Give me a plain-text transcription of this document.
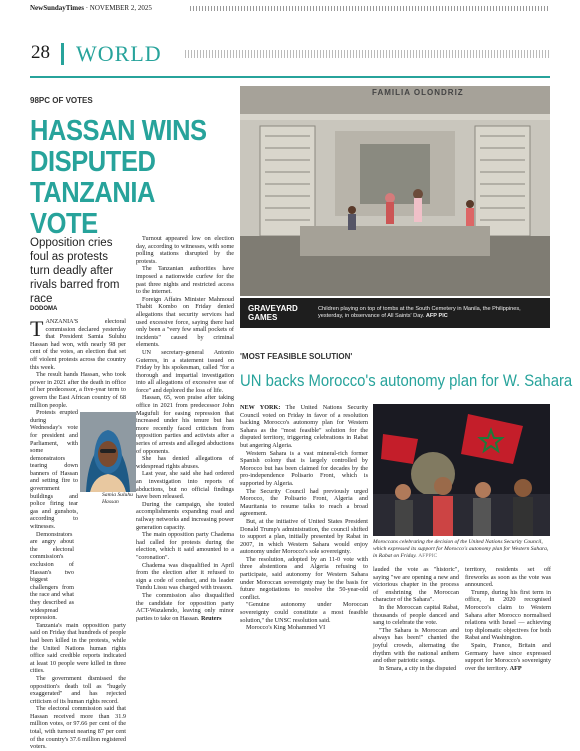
NewSundayTimes · NOVEMBER 2, 2025
28 WORLD
98PC OF VOTES
HASSAN WINS DISPUTED TANZANIA VOTE
Opposition cries foul as protests turn deadly after rivals barred from race
DODOMA

TANZANIA'S electoral commission declared yesterday that President Samia Suluhu Hassan had won, with nearly 98 per cent of the votes, an election that set off violent protests across the country this week.

The result hands Hassan, who took power in 2021 after the death in office of her predecessor, a five-year term to govern the East African country of 68 million people.

Protests erupted during Wednesday's vote for president and Parliament, with some demonstrators tearing down banners of Hassan and setting fire to government buildings and police firing tear gas and gunshots, according to witnesses.

Demonstrators are angry about the electoral commission's exclusion of Hassan's two biggest challengers from the race and what they described as widespread repression.

Tanzania's main opposition party said on Friday that hundreds of people had been killed in the protests, while the United Nations human rights office said credible reports indicated at least 10 people were killed in three cities.

The government dismissed the opposition's death toll as "hugely exaggerated" and has rejected criticism of its human rights record.

The electoral commission said that Hassan received more than 31.9 million votes, or 97.66 per cent of the total, with turnout nearing 87 per cent of the country's 37.6 million registered voters.

Samia Suluhu Hassan

Turnout appeared low on election day, according to witnesses, with some polling stations disrupted by the protests.

The Tanzanian authorities have imposed a nationwide curfew for the past three nights and restricted access to the internet.

Foreign Affairs Minister Mahmoud Thabit Kombo on Friday denied allegations that security services had used excessive force, saying there had only been a "very few small pockets of incidents" caused by criminal elements.

UN secretary-general Antonio Guterres, in a statement issued on Friday by his spokesman, called "for a thorough and impartial investigation into all allegations of excessive use of force" and deplored the loss of life.

Hassan, 65, won praise after taking office in 2021 from predecessor John Magufuli for easing repression that increased under his tenure but has more recently faced criticism from opposition parties and activists after a series of arrests and alleged abductions of opponents.

She has denied allegations of widespread rights abuses.

Last year, she said she had ordered an investigation into reports of abductions, but no official findings have been released.

During the campaign, she touted accomplishments expanding road and railway networks and increasing power generation capacity.

The main opposition party Chadema had called for protests during the election, which it said amounted to a "coronation".

Chadema was disqualified in April from the election after it refused to sign a code of conduct, and its leader Tundu Lissu was charged with treason.

The commission also disqualified the candidate for opposition party ACT-Wazalendo, leaving only minor parties to take on Hassan. Reuters

FAMILIA OLONDRIZ
GRAVEYARD GAMES
Children playing on top of tombs at the South Cemetery in Manila, the Philippines, yesterday, in observance of All Saints' Day. AFP PIC
'MOST FEASIBLE SOLUTION'
UN backs Morocco's autonomy plan for W. Sahara

NEW YORK: The United Nations Security Council voted on Friday in favor of a resolution backing Morocco's autonomy plan for Western Sahara as the "most feasible" solution for the disputed territory, triggering celebrations in Rabat but angering Algeria.

Western Sahara is a vast mineral-rich former Spanish colony that is largely controlled by Morocco but has been claimed for decades by the pro-independence Polisario Front, which is supported by Algeria.

The Security Council had previously urged Morocco, the Polisario Front, Algeria and Mauritania to resume talks to reach a broad agreement.

But, at the initiative of United States President Donald Trump's administration, the council shifted to support a plan, initially presented by Rabat in 2007, in which Western Sahara would enjoy autonomy under Morocco's sole sovereignty.

The resolution, adopted by an 11-0 vote with three abstentions and Algeria refusing to participate, said autonomy for Western Sahara under Moroccan sovereignty may be the basis for future negotiations to resolve the 50-year-old conflict.

"Genuine autonomy under Moroccan sovereignty could constitute a most feasible solution," the UNSC resolution said.

Morocco's King Mohammed VI

Moroccans celebrating the decision of the United Nations Security Council, which expressed its support for Morocco's autonomy plan for Western Sahara, in Rabat on Friday. AFPPIC

lauded the vote as "historic", saying "we are opening a new and victorious chapter in the process of enshrining the Moroccan character of the Sahara".

In the Moroccan capital Rabat, thousands of people danced and sang to celebrate the vote.

"The Sahara is Moroccan and always has been!" chanted the joyful crowds, alternating the rhythm with the national anthem and other patriotic songs.

In Smara, a city in the disputed

territory, residents set off fireworks as soon as the vote was announced.

Trump, during his first term in office, in 2020 recognised Morocco's claim to Western Sahara after Morocco normalised relations with Israel — achieving top diplomatic objectives for both Rabat and Washington.

Spain, France, Britain and Germany have since expressed support for Morocco's sovereignty over the territory. AFP
